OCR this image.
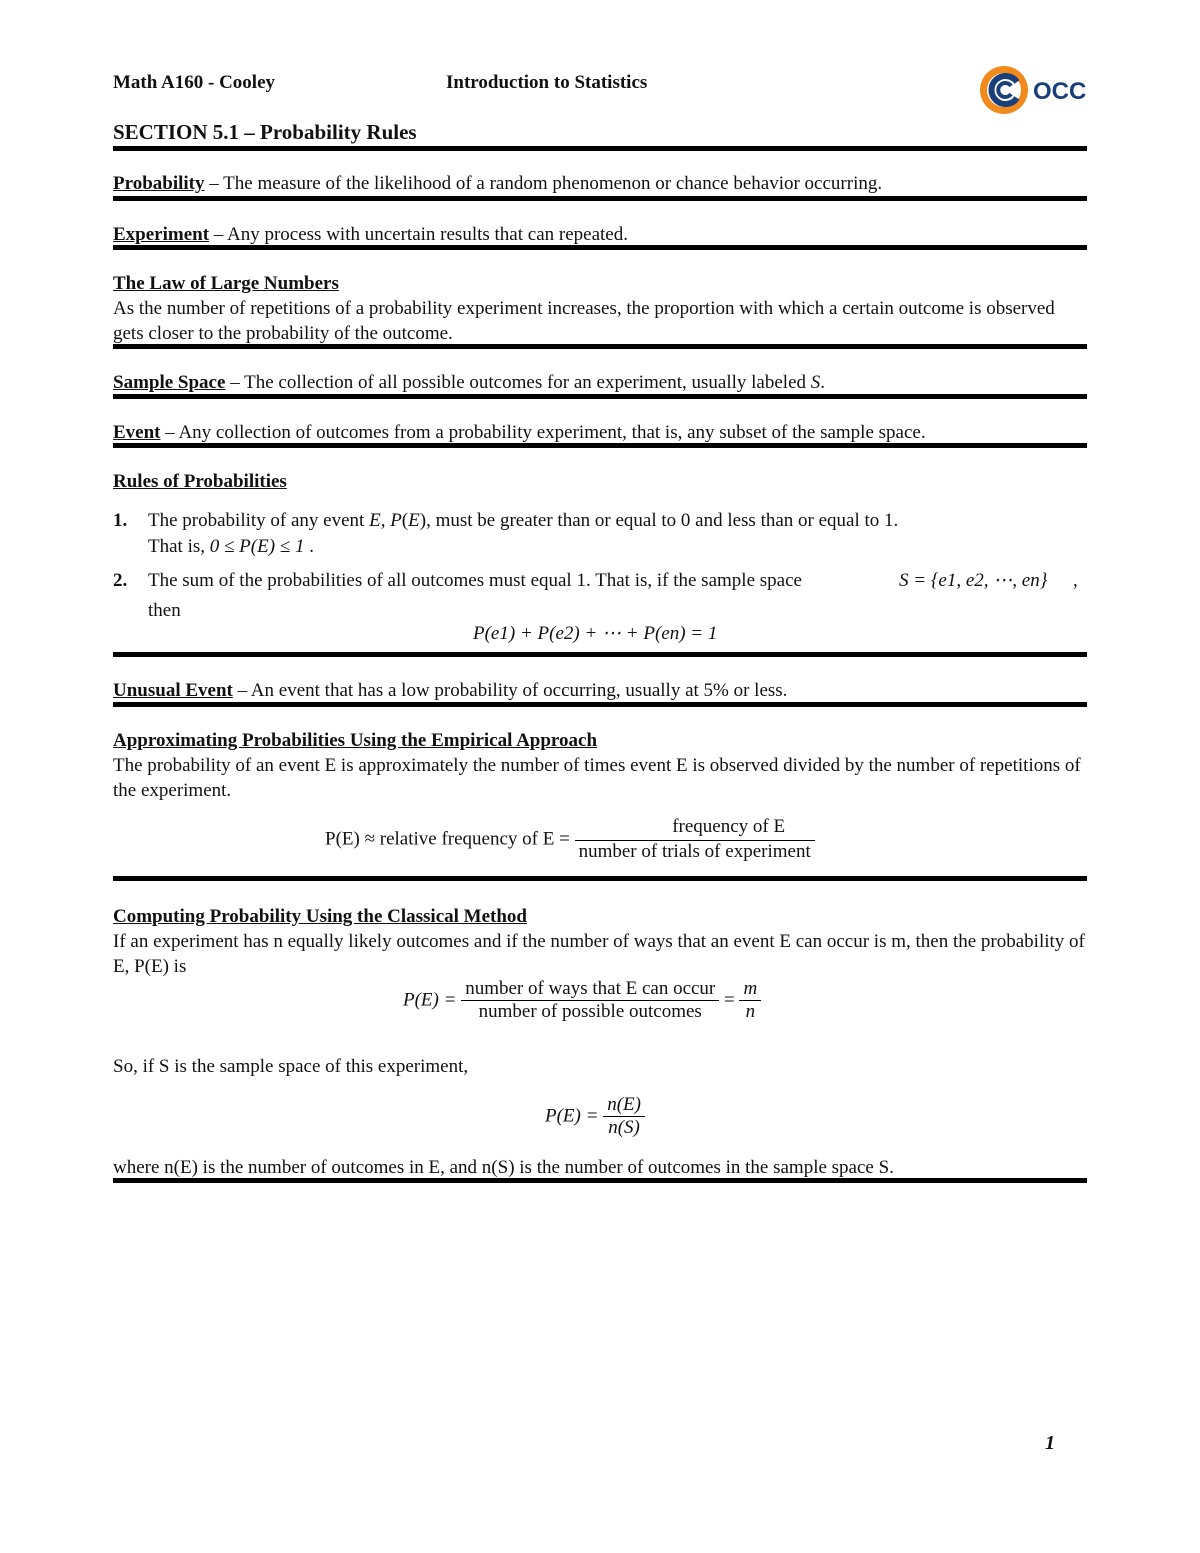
Math A160 - Cooley	Introduction to Statistics	OCC
SECTION 5.1 – Probability Rules
Probability – The measure of the likelihood of a random phenomenon or chance behavior occurring.
Experiment – Any process with uncertain results that can repeated.
The Law of Large Numbers
As the number of repetitions of a probability experiment increases, the proportion with which a certain outcome is observed gets closer to the probability of the outcome.
Sample Space – The collection of all possible outcomes for an experiment, usually labeled S.
Event – Any collection of outcomes from a probability experiment, that is, any subset of the sample space.
Rules of Probabilities
1. The probability of any event E, P(E), must be greater than or equal to 0 and less than or equal to 1.
That is, 0 ≤ P(E) ≤ 1 .
2. The sum of the probabilities of all outcomes must equal 1. That is, if the sample space	S = {e1, e2, ⋯, en} ,
then
P(e1) + P(e2) + ⋯ + P(en) = 1
Unusual Event – An event that has a low probability of occurring, usually at 5% or less.
Approximating Probabilities Using the Empirical Approach
The probability of an event E is approximately the number of times event E is observed divided by the number of repetitions of the experiment.
P(E) ≈ relative frequency of $E = \frac{\text{frequency of E}}{\text{number of trials of experiment}}$
Computing Probability Using the Classical Method
If an experiment has n equally likely outcomes and if the number of ways that an event E can occur is m, then the probability of E, P(E) is
$P(E) = \frac{\text{number of ways that E can occur}}{\text{number of possible outcomes}} = \frac{m}{n}$
So, if S is the sample space of this experiment,
$P(E) = \frac{n(E)}{n(S)}$
where n(E) is the number of outcomes in E, and n(S) is the number of outcomes in the sample space S.
1
